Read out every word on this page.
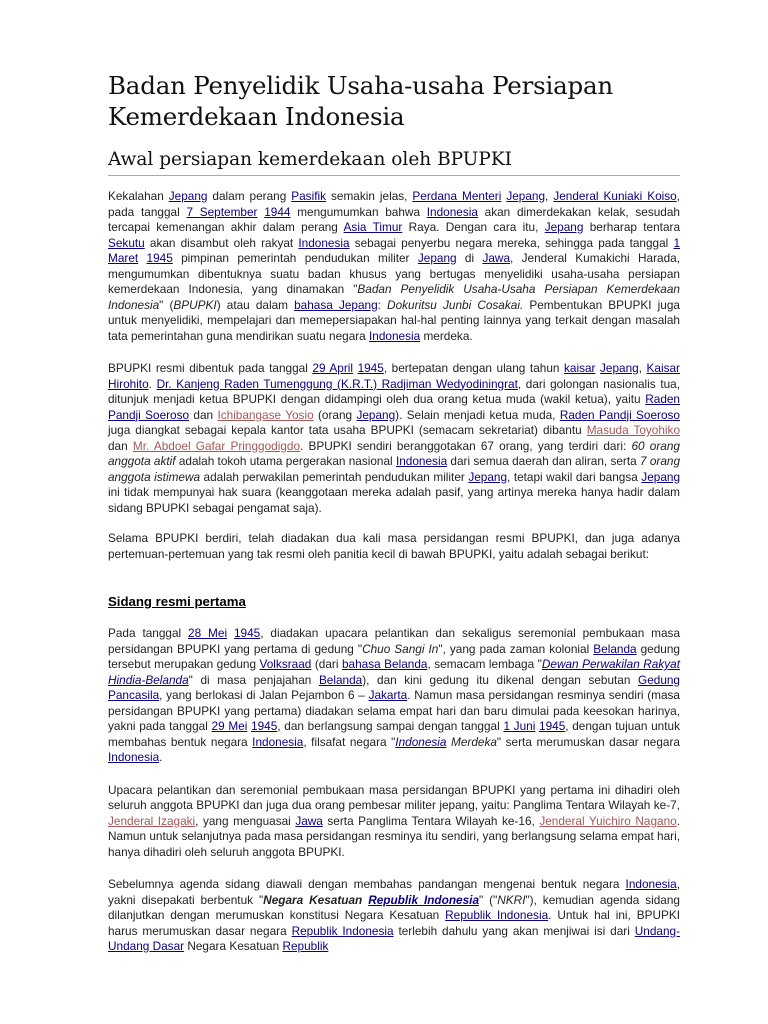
Badan Penyelidik Usaha-usaha Persiapan Kemerdekaan Indonesia
Awal persiapan kemerdekaan oleh BPUPKI

Kekalahan Jepang dalam perang Pasifik semakin jelas, Perdana Menteri Jepang, Jenderal Kuniaki Koiso, pada tanggal 7 September 1944 mengumumkan bahwa Indonesia akan dimerdekakan kelak, sesudah tercapai kemenangan akhir dalam perang Asia Timur Raya. Dengan cara itu, Jepang berharap tentara Sekutu akan disambut oleh rakyat Indonesia sebagai penyerbu negara mereka, sehingga pada tanggal 1 Maret 1945 pimpinan pemerintah pendudukan militer Jepang di Jawa, Jenderal Kumakichi Harada, mengumumkan dibentuknya suatu badan khusus yang bertugas menyelidiki usaha-usaha persiapan kemerdekaan Indonesia, yang dinamakan "Badan Penyelidik Usaha-Usaha Persiapan Kemerdekaan Indonesia" (BPUPKI) atau dalam bahasa Jepang: Dokuritsu Junbi Cosakai. Pembentukan BPUPKI juga untuk menyelidiki, mempelajari dan memepersiapakan hal-hal penting lainnya yang terkait dengan masalah tata pemerintahan guna mendirikan suatu negara Indonesia merdeka.

BPUPKI resmi dibentuk pada tanggal 29 April 1945, bertepatan dengan ulang tahun kaisar Jepang, Kaisar Hirohito. Dr. Kanjeng Raden Tumenggung (K.R.T.) Radjiman Wedyodiningrat, dari golongan nasionalis tua, ditunjuk menjadi ketua BPUPKI dengan didampingi oleh dua orang ketua muda (wakil ketua), yaitu Raden Pandji Soeroso dan Ichibangase Yosio (orang Jepang). Selain menjadi ketua muda, Raden Pandji Soeroso juga diangkat sebagai kepala kantor tata usaha BPUPKI (semacam sekretariat) dibantu Masuda Toyohiko dan Mr. Abdoel Gafar Pringgodigdo. BPUPKI sendiri beranggotakan 67 orang, yang terdiri dari: 60 orang anggota aktif adalah tokoh utama pergerakan nasional Indonesia dari semua daerah dan aliran, serta 7 orang anggota istimewa adalah perwakilan pemerintah pendudukan militer Jepang, tetapi wakil dari bangsa Jepang ini tidak mempunyai hak suara (keanggotaan mereka adalah pasif, yang artinya mereka hanya hadir dalam sidang BPUPKI sebagai pengamat saja).

Selama BPUPKI berdiri, telah diadakan dua kali masa persidangan resmi BPUPKI, dan juga adanya pertemuan-pertemuan yang tak resmi oleh panitia kecil di bawah BPUPKI, yaitu adalah sebagai berikut:

Sidang resmi pertama

Pada tanggal 28 Mei 1945, diadakan upacara pelantikan dan sekaligus seremonial pembukaan masa persidangan BPUPKI yang pertama di gedung "Chuo Sangi In", yang pada zaman kolonial Belanda gedung tersebut merupakan gedung Volksraad (dari bahasa Belanda, semacam lembaga "Dewan Perwakilan Rakyat Hindia-Belanda" di masa penjajahan Belanda), dan kini gedung itu dikenal dengan sebutan Gedung Pancasila, yang berlokasi di Jalan Pejambon 6 – Jakarta. Namun masa persidangan resminya sendiri (masa persidangan BPUPKI yang pertama) diadakan selama empat hari dan baru dimulai pada keesokan harinya, yakni pada tanggal 29 Mei 1945, dan berlangsung sampai dengan tanggal 1 Juni 1945, dengan tujuan untuk membahas bentuk negara Indonesia, filsafat negara "Indonesia Merdeka" serta merumuskan dasar negara Indonesia.

Upacara pelantikan dan seremonial pembukaan masa persidangan BPUPKI yang pertama ini dihadiri oleh seluruh anggota BPUPKI dan juga dua orang pembesar militer jepang, yaitu: Panglima Tentara Wilayah ke-7, Jenderal Izagaki, yang menguasai Jawa serta Panglima Tentara Wilayah ke-16, Jenderal Yuichiro Nagano. Namun untuk selanjutnya pada masa persidangan resminya itu sendiri, yang berlangsung selama empat hari, hanya dihadiri oleh seluruh anggota BPUPKI.

Sebelumnya agenda sidang diawali dengan membahas pandangan mengenai bentuk negara Indonesia, yakni disepakati berbentuk "Negara Kesatuan Republik Indonesia" ("NKRI"), kemudian agenda sidang dilanjutkan dengan merumuskan konstitusi Negara Kesatuan Republik Indonesia. Untuk hal ini, BPUPKI harus merumuskan dasar negara Republik Indonesia terlebih dahulu yang akan menjiwai isi dari Undang-Undang Dasar Negara Kesatuan Republik
